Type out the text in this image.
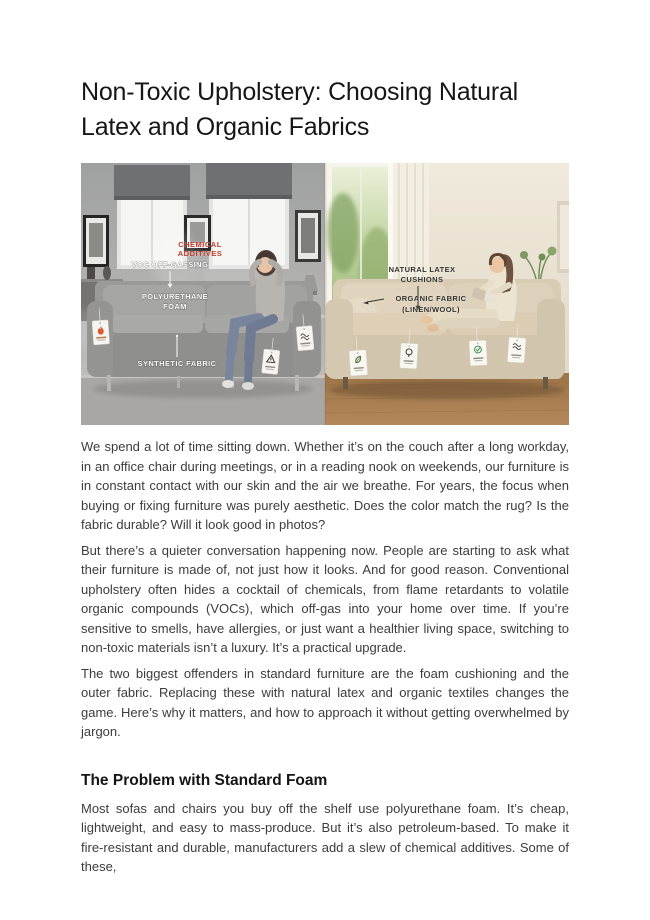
Non-Toxic Upholstery: Choosing Natural Latex and Organic Fabrics
CHEMICAL
ADDITIVES
VOC OFF-GASSING
POLYURETHANE
FOAM
SYNTHETIC FABRIC
NATURAL LATEX
CUSHIONS
ORGANIC FABRIC
(LINEN/WOOL)

We spend a lot of time sitting down. Whether it’s on the couch after a long workday, in an office chair during meetings, or in a reading nook on weekends, our furniture is in constant contact with our skin and the air we breathe. For years, the focus when buying or fixing furniture was purely aesthetic. Does the color match the rug? Is the fabric durable? Will it look good in photos?

But there’s a quieter conversation happening now. People are starting to ask what their furniture is made of, not just how it looks. And for good reason. Conventional upholstery often hides a cocktail of chemicals, from flame retardants to volatile organic compounds (VOCs), which off-gas into your home over time. If you’re sensitive to smells, have allergies, or just want a healthier living space, switching to non-toxic materials isn’t a luxury. It’s a practical upgrade.

The two biggest offenders in standard furniture are the foam cushioning and the outer fabric. Replacing these with natural latex and organic textiles changes the game. Here’s why it matters, and how to approach it without getting overwhelmed by jargon.

The Problem with Standard Foam

Most sofas and chairs you buy off the shelf use polyurethane foam. It’s cheap, lightweight, and easy to mass-produce. But it’s also petroleum-based. To make it fire-resistant and durable, manufacturers add a slew of chemical additives. Some of these,
